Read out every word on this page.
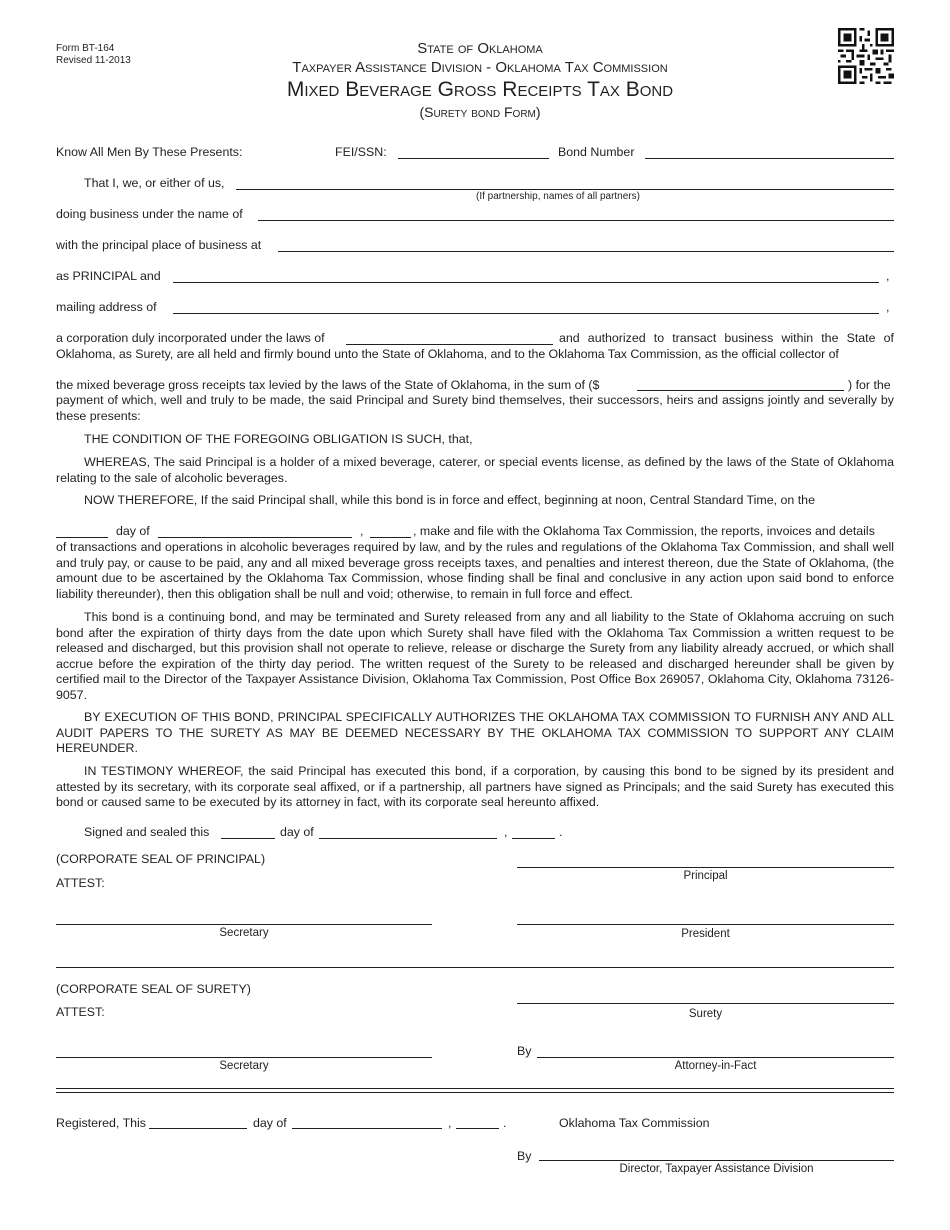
Form BT-164
Revised 11-2013
State of Oklahoma
Taxpayer Assistance Division - Oklahoma Tax Commission
Mixed Beverage Gross Receipts Tax Bond
(Surety bond Form)
Know All Men By These Presents:	FEI/SSN:	Bond Number
That I, we, or either of us,
(If partnership, names of all partners)
doing business under the name of
with the principal place of business at
as PRINCIPAL and	,
mailing address of	,
a corporation duly incorporated under the laws of	and authorized to transact business within the State of
Oklahoma, as Surety, are all held and firmly bound unto the State of Oklahoma, and to the Oklahoma Tax Commission, as the official collector of
the mixed beverage gross receipts tax levied by the laws of the State of Oklahoma, in the sum of ($	) for the
payment of which, well and truly to be made, the said Principal and Surety bind themselves, their successors, heirs and assigns jointly and severally by these presents:
THE CONDITION OF THE FOREGOING OBLIGATION IS SUCH, that,
WHEREAS, The said Principal is a holder of a mixed beverage, caterer, or special events license, as defined by the laws of the State of Oklahoma relating to the sale of alcoholic beverages.
NOW THEREFORE, If the said Principal shall, while this bond is in force and effect, beginning at noon, Central Standard Time, on the
day of	,	, make and file with the Oklahoma Tax Commission, the reports, invoices and details
of transactions and operations in alcoholic beverages required by law, and by the rules and regulations of the Oklahoma Tax Commission, and shall well and truly pay, or cause to be paid, any and all mixed beverage gross receipts taxes, and penalties and interest thereon, due the State of Oklahoma, (the amount due to be ascertained by the Oklahoma Tax Commission, whose finding shall be final and conclusive in any action upon said bond to enforce liability thereunder), then this obligation shall be null and void; otherwise, to remain in full force and effect.
This bond is a continuing bond, and may be terminated and Surety released from any and all liability to the State of Oklahoma accruing on such bond after the expiration of thirty days from the date upon which Surety shall have filed with the Oklahoma Tax Commission a written request to be released and discharged, but this provision shall not operate to relieve, release or discharge the Surety from any liability already accrued, or which shall accrue before the expiration of the thirty day period. The written request of the Surety to be released and discharged hereunder shall be given by certified mail to the Director of the Taxpayer Assistance Division, Oklahoma Tax Commission, Post Office Box 269057, Oklahoma City, Oklahoma 73126-9057.
BY EXECUTION OF THIS BOND, PRINCIPAL SPECIFICALLY AUTHORIZES THE OKLAHOMA TAX COMMISSION TO FURNISH ANY AND ALL AUDIT PAPERS TO THE SURETY AS MAY BE DEEMED NECESSARY BY THE OKLAHOMA TAX COMMISSION TO SUPPORT ANY CLAIM HEREUNDER.
IN TESTIMONY WHEREOF, the said Principal has executed this bond, if a corporation, by causing this bond to be signed by its president and attested by its secretary, with its corporate seal affixed, or if a partnership, all partners have signed as Principals; and the said Surety has executed this bond or caused same to be executed by its attorney in fact, with its corporate seal hereunto affixed.
Signed and sealed this	day of	,	.
(CORPORATE SEAL OF PRINCIPAL)
Principal
ATTEST:
Secretary	President
(CORPORATE SEAL OF SURETY)
Surety
ATTEST:
Secretary
By
Attorney-in-Fact
Registered, This	day of	,	.	Oklahoma Tax Commission
By
Director, Taxpayer Assistance Division
